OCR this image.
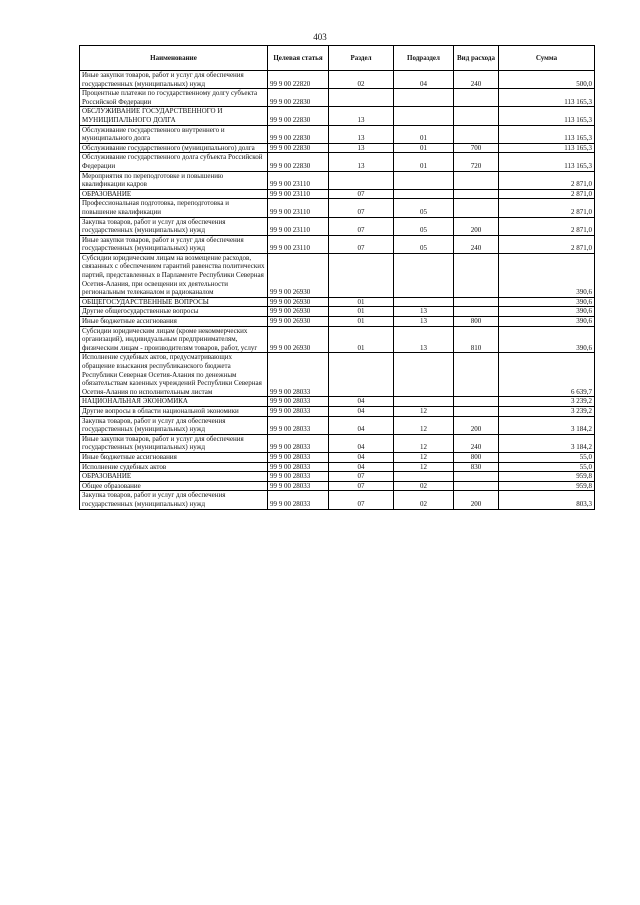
403
Наименование	Целевая статья	Раздел	Подраздел	Вид расхода	Сумма
Иные закупки товаров, работ и услуг для обеспечения государственных (муниципальных) нужд	99 9 00 22820	02	04	240	500,0
Процентные платежи по государственному долгу субъекта Российской Федерации	99 9 00 22830				113 165,3
ОБСЛУЖИВАНИЕ ГОСУДАРСТВЕННОГО И МУНИЦИПАЛЬНОГО ДОЛГА	99 9 00 22830	13			113 165,3
Обслуживание государственного внутреннего и муниципального долга	99 9 00 22830	13	01		113 165,3
Обслуживание государственного (муниципального) долга	99 9 00 22830	13	01	700	113 165,3
Обслуживание государственного долга субъекта Российской Федерации	99 9 00 22830	13	01	720	113 165,3
Мероприятия по переподготовке и повышению квалификации кадров	99 9 00 23110				2 871,0
ОБРАЗОВАНИЕ	99 9 00 23110	07			2 871,0
Профессиональная подготовка, переподготовка и повышение квалификации	99 9 00 23110	07	05		2 871,0
Закупка товаров, работ и услуг для обеспечения государственных (муниципальных) нужд	99 9 00 23110	07	05	200	2 871,0
Иные закупки товаров, работ и услуг для обеспечения государственных (муниципальных) нужд	99 9 00 23110	07	05	240	2 871,0
Субсидии юридическим лицам на возмещение расходов, связанных с обеспечением гарантий равенства политических партий, представленных в Парламенте Республики Северная Осетия-Алания, при освещении их деятельности региональным телеканалом и радиоканалом	99 9 00 26930				390,6
ОБЩЕГОСУДАРСТВЕННЫЕ ВОПРОСЫ	99 9 00 26930	01			390,6
Другие общегосударственные вопросы	99 9 00 26930	01	13		390,6
Иные бюджетные ассигнования	99 9 00 26930	01	13	800	390,6
Субсидии юридическим лицам (кроме некоммерческих организаций), индивидуальным предпринимателям, физическим лицам - производителям товаров, работ, услуг	99 9 00 26930	01	13	810	390,6
Исполнение судебных актов, предусматривающих обращение взыскания республиканского бюджета Республики Северная Осетия-Алания по денежным обязательствам казенных учреждений Республики Северная Осетия-Алания по исполнительным листам	99 9 00 28033				6 639,7
НАЦИОНАЛЬНАЯ ЭКОНОМИКА	99 9 00 28033	04			3 239,2
Другие вопросы в области национальной экономики	99 9 00 28033	04	12		3 239,2
Закупка товаров, работ и услуг для обеспечения государственных (муниципальных) нужд	99 9 00 28033	04	12	200	3 184,2
Иные закупки товаров, работ и услуг для обеспечения государственных (муниципальных) нужд	99 9 00 28033	04	12	240	3 184,2
Иные бюджетные ассигнования	99 9 00 28033	04	12	800	55,0
Исполнение судебных актов	99 9 00 28033	04	12	830	55,0
ОБРАЗОВАНИЕ	99 9 00 28033	07			959,8
Общее образование	99 9 00 28033	07	02		959,8
Закупка товаров, работ и услуг для обеспечения государственных (муниципальных) нужд	99 9 00 28033	07	02	200	803,3
